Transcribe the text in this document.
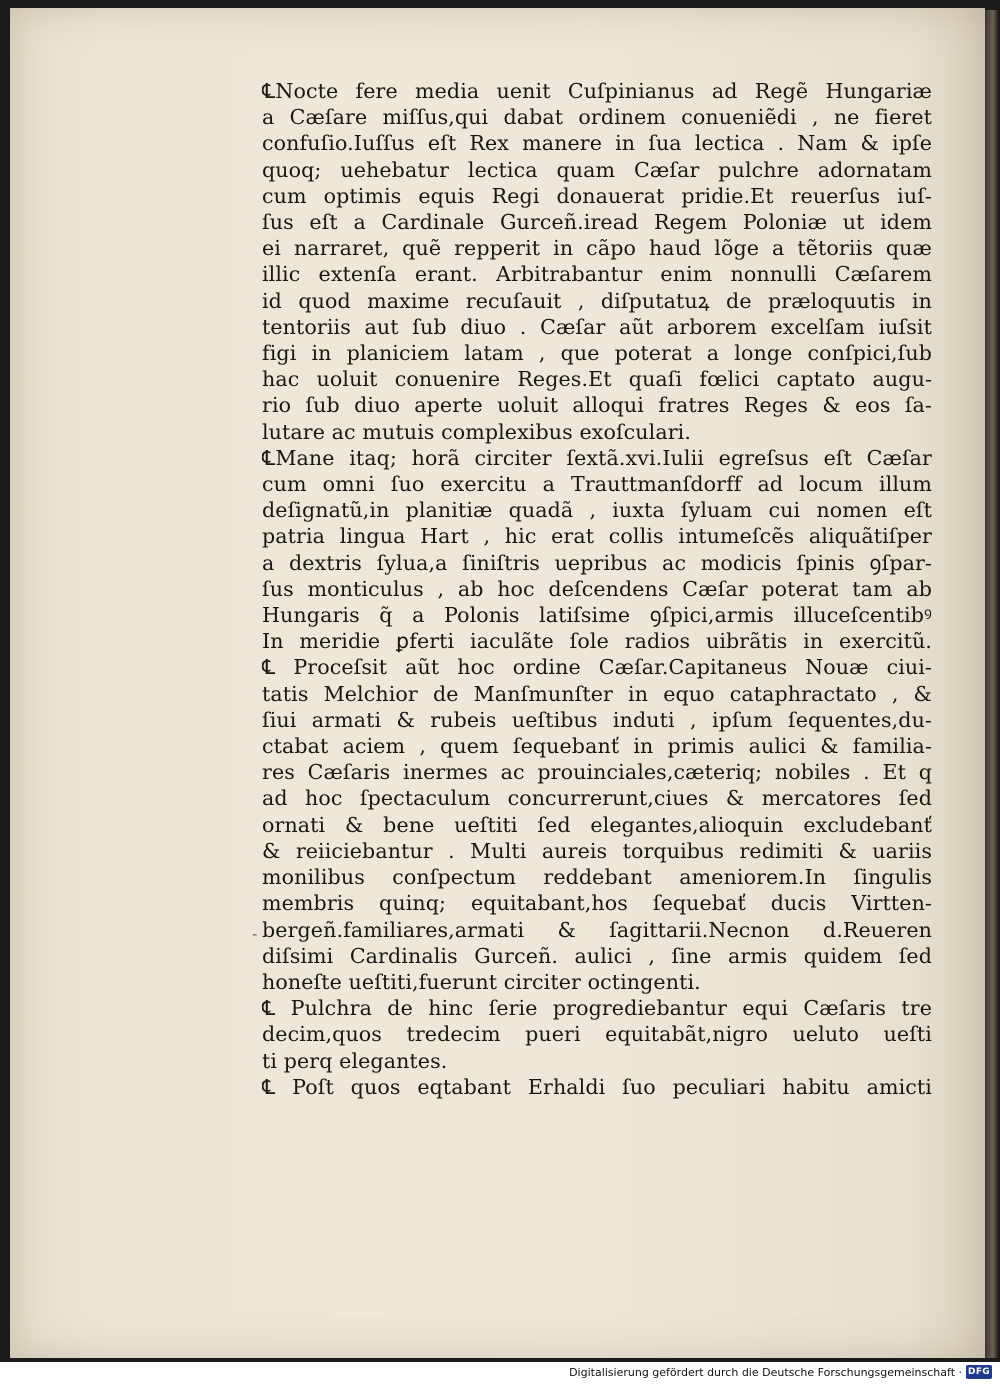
℄Nocte fere media uenit Cuſpinianus ad Regẽ Hungariæ
a Cæſare miſſus,qui dabat ordinem conueniẽdi , ne fieret
confuſio.Iuſſus eſt Rex manere in ſua lectica . Nam & ipſe
quoq; uehebatur lectica quam Cæſar pulchre adornatam
cum optimis equis Regi donauerat pridie.Et reuerſus iuſ-
ſus eſt a Cardinale Gurceñ.iread Regem Poloniæ ut idem
ei narraret, quẽ repperit in cãpo haud lõge a tẽtoriis quæ
illic extenſa erant. Arbitrabantur enim nonnulli Cæſarem
id quod maxime recuſauit , diſputatuꝝ de præloquutis in
tentoriis aut ſub diuo . Cæſar aũt arborem excelſam iuſsit
figi in planiciem latam , que poterat a longe conſpici,ſub
hac uoluit conuenire Reges.Et quaſi fœlici captato augu-
rio ſub diuo aperte uoluit alloqui fratres Reges & eos ſa-
lutare ac mutuis complexibus exoſculari.
℄Mane itaq; horã circiter ſextã.xvi.Iulii egreſsus eſt Cæſar
cum omni ſuo exercitu a Trauttmanſdorff ad locum illum
deſignatũ,in planitiæ quadã , iuxta ſyluam cui nomen eſt
patria lingua Hart , hic erat collis intumeſcẽs aliquãtiſper
a dextris ſylua,a ſiniſtris uepribus ac modicis ſpinis ꝯſpar-
ſus monticulus , ab hoc deſcendens Cæſar poterat tam ab
Hungaris q̃ a Polonis latiſsime ꝯſpici,armis illuceſcentibꝰ
In meridie ꝑferti iaculãte ſole radios uibrãtis in exercitũ.
℄ Proceſsit aũt hoc ordine Cæſar.Capitaneus Nouæ ciui-
tatis Melchior de Manſmunſter in equo cataphractato , &
ſiui armati & rubeis ueſtibus induti , ipſum ſequentes,du-
ctabat aciem , quem ſequebanť in primis aulici & familia-
res Cæſaris inermes ac prouinciales,cæteriq; nobiles . Et q
ad hoc ſpectaculum concurrerunt,ciues & mercatores ſed
ornati & bene ueſtiti ſed elegantes,alioquin excludebanť
& reiiciebantur . Multi aureis torquibus redimiti & uariis
monilibus conſpectum reddebant ameniorem.In ſingulis
membris quinq; equitabant,hos ſequebať ducis Virtten-
bergeñ.familiares,armati & ſagittarii.Necnon d.Reueren
diſsimi Cardinalis Gurceñ. aulici , ſine armis quidem ſed
honeſte ueſtiti,fuerunt circiter octingenti.
℄ Pulchra de hinc ſerie progrediebantur equi Cæſaris tre
decim,quos tredecim pueri equitabãt,nigro ueluto ueſti
ti perq elegantes.
℄ Poſt quos eqtabant Erhaldi ſuo peculiari habitu amicti
-
Digitalisierung gefördert durch die Deutsche Forschungsgemeinschaft · DFG
